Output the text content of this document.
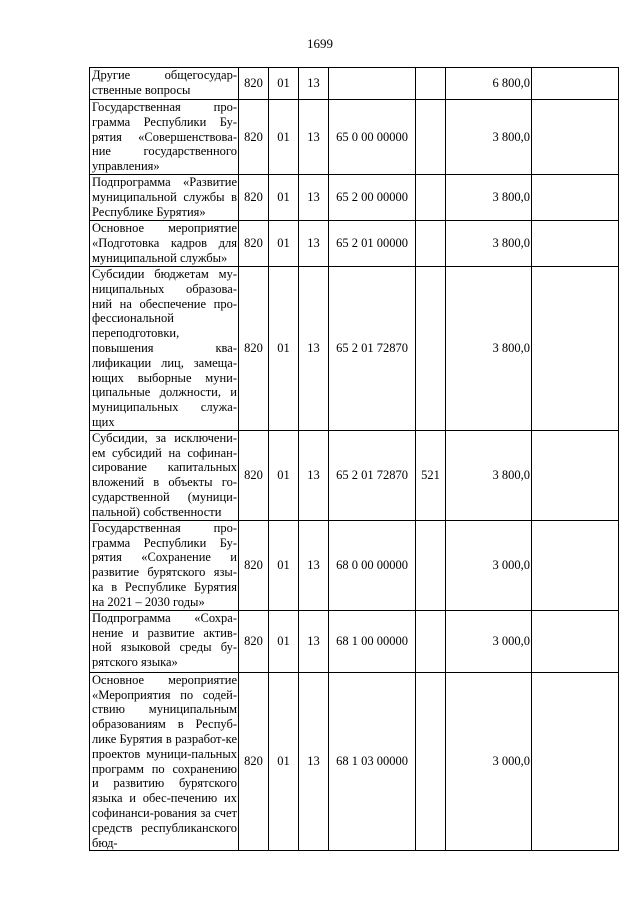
1699
Другие общегосудар-ственные вопросы	820	01	13			6 800,0	
Государственная про-грамма Республики Бу-рятия «Совершенствова-ние государственного управления»	820	01	13	65 0 00 00000		3 800,0	
Подпрограмма «Развитие муниципальной службы в Республике Бурятия»	820	01	13	65 2 00 00000		3 800,0	
Основное мероприятие «Подготовка кадров для муниципальной службы»	820	01	13	65 2 01 00000		3 800,0	
Субсидии бюджетам му-ниципальных образова-ний на обеспечение про-фессиональной переподготовки, повышения ква-лификации лиц, замеща-ющих выборные муни-ципальные должности, и муниципальных служа-щих	820	01	13	65 2 01 72870		3 800,0	
Субсидии, за исключени-ем субсидий на софинан-сирование капитальных вложений в объекты го-сударственной (муници-пальной) собственности	820	01	13	65 2 01 72870	521	3 800,0	
Государственная про-грамма Республики Бу-рятия «Сохранение и развитие бурятского язы-ка в Республике Бурятия на 2021 – 2030 годы»	820	01	13	68 0 00 00000		3 000,0	
Подпрограмма «Сохра-нение и развитие актив-ной языковой среды бу-рятского языка»	820	01	13	68 1 00 00000		3 000,0	
Основное мероприятие «Мероприятия по содей-ствию муниципальным образованиям в Респуб-лике Бурятия в разработ-ке проектов муници-пальных программ по сохранению и развитию бурятского языка и обес-печению их софинанси-рования за счет средств республиканского бюд-	820	01	13	68 1 03 00000		3 000,0	
